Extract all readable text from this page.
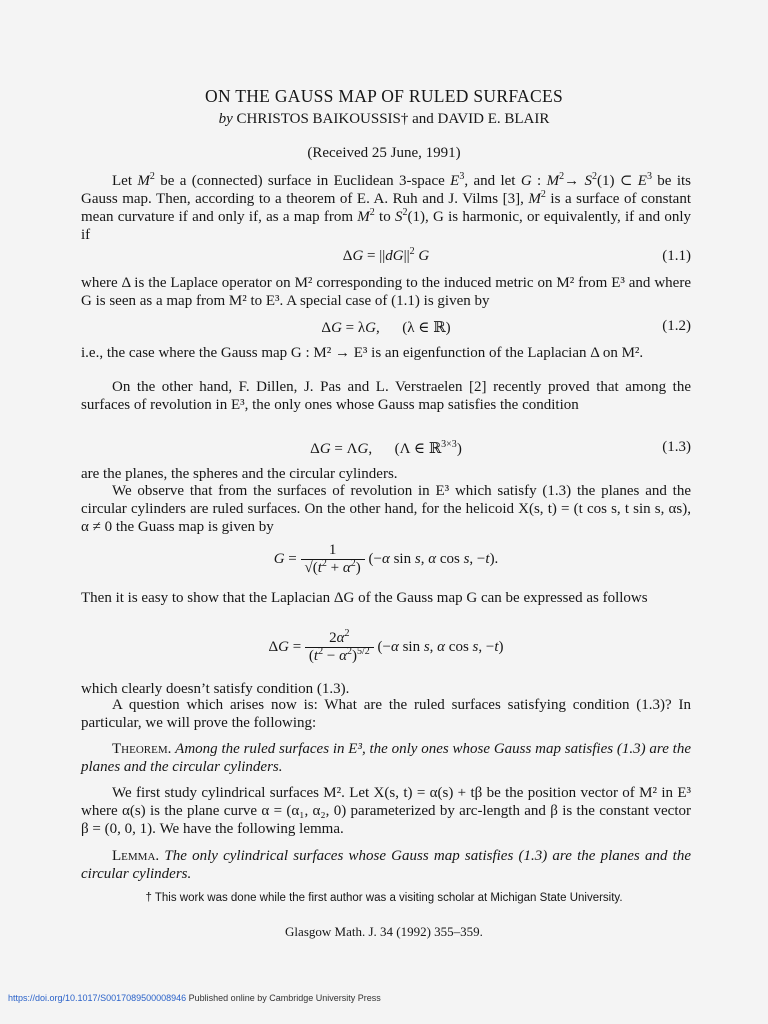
ON THE GAUSS MAP OF RULED SURFACES
by CHRISTOS BAIKOUSSIS† and DAVID E. BLAIR
(Received 25 June, 1991)
Let $M^2$ be a (connected) surface in Euclidean 3-space $E^3$, and let G : $M^2\to S^2(1)$ ⊂ $E^3$ be its Gauss map. Then, according to a theorem of E. A. Ruh and J. Vilms [3], $M^2$ is a surface of constant mean curvature if and only if, as a map from $M^2$ to $S^2(1)$, G is harmonic, or equivalently, if and only if
$\Delta G = ||dG||^2$ G	(1.1)
where Δ is the Laplace operator on M² corresponding to the induced metric on M² from E³ and where G is seen as a map from M² to E³. A special case of (1.1) is given by
ΔG = λG,      (λ ∈ ℝ)	(1.2)
i.e., the case where the Gauss map G : M² → E³ is an eigenfunction of the Laplacian Δ on M².
On the other hand, F. Dillen, J. Pas and L. Verstraelen [2] recently proved that among the surfaces of revolution in E³, the only ones whose Gauss map satisfies the condition
ΔG = ΛG,      (Λ ∈ ℝ$^{3\times 3}$)	(1.3)
are the planes, the spheres and the circular cylinders.
We observe that from the surfaces of revolution in E³ which satisfy (1.3) the planes and the circular cylinders are ruled surfaces. On the other hand, for the helicoid X(s, t) = (t cos s, t sin s, αs), α ≠ 0 the Guass map is given by
$G = \frac{1}{√(t^2 + \alpha^2)} (-\alpha$ sin s, α cos s, −t).
Then it is easy to show that the Laplacian ΔG of the Gauss map G can be expressed as follows
$\Delta G = \frac{2\alpha^2}{(t^2 - \alpha^2)^{5/2}} (-\alpha$ sin s, α cos s, −t)
which clearly doesn’t satisfy condition (1.3).
A question which arises now is: What are the ruled surfaces satisfying condition (1.3)? In particular, we will prove the following:
Theorem. Among the ruled surfaces in E³, the only ones whose Gauss map satisfies (1.3) are the planes and the circular cylinders.
We first study cylindrical surfaces M². Let X(s, t) = α(s) + tβ be the position vector of M² in E³ where α(s) is the plane curve α = (α₁, α₂, 0) parameterized by arc-length and β is the constant vector β = (0, 0, 1). We have the following lemma.
Lemma. The only cylindrical surfaces whose Gauss map satisfies (1.3) are the planes and the circular cylinders.
† This work was done while the first author was a visiting scholar at Michigan State University.
Glasgow Math. J. 34 (1992) 355–359.
https://doi.org/10.1017/S0017089500008946 Published online by Cambridge University Press
